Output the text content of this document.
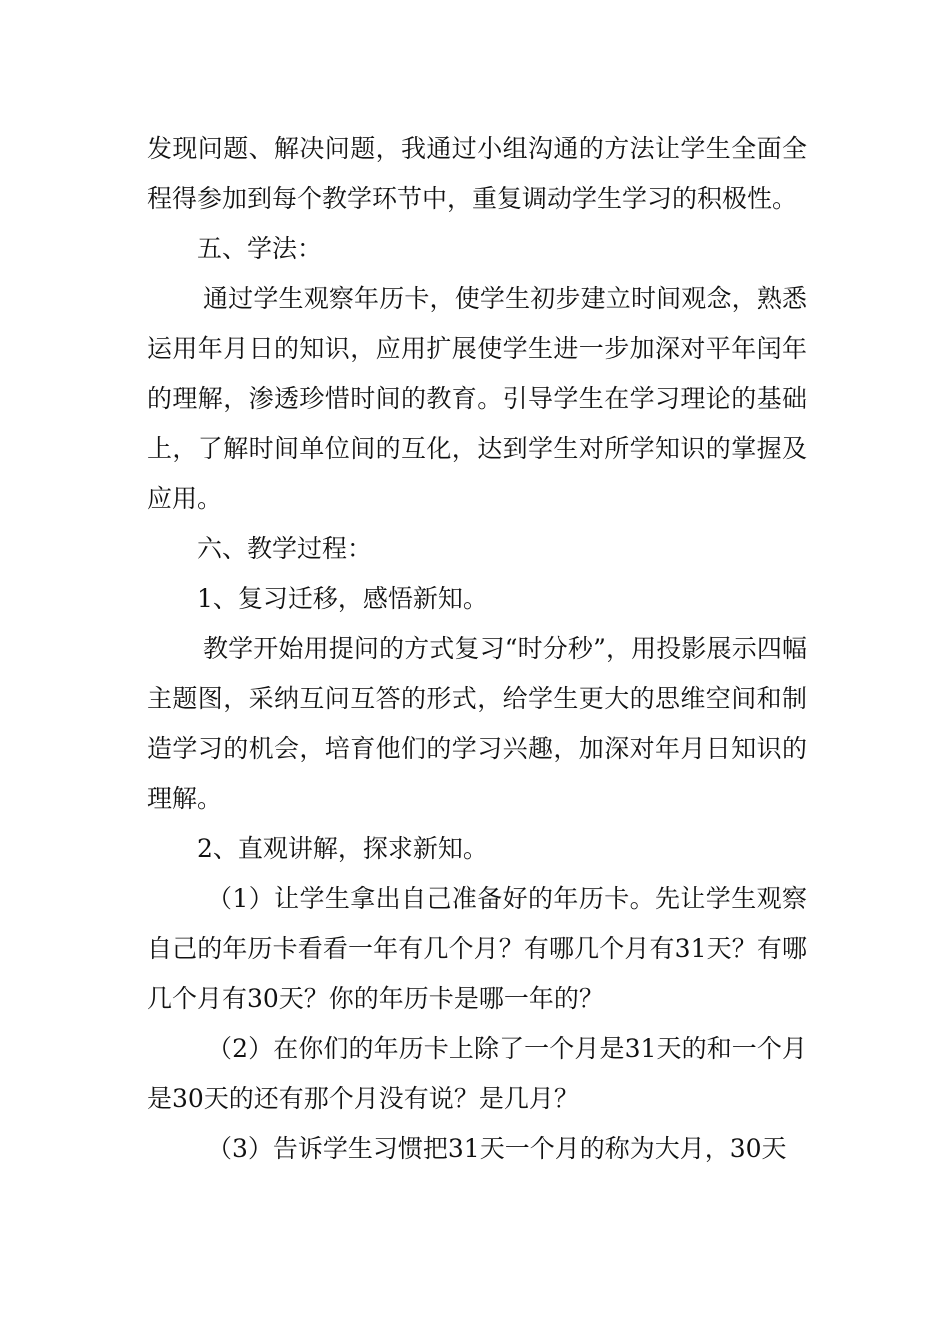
发现问题、解决问题，我通过小组沟通的方法让学生全面全程得参加到每个教学环节中，重复调动学生学习的积极性。

五、学法：

通过学生观察年历卡，使学生初步建立时间观念，熟悉运用年月日的知识，应用扩展使学生进一步加深对平年闰年的理解，渗透珍惜时间的教育。引导学生在学习理论的基础上，了解时间单位间的互化，达到学生对所学知识的掌握及应用。

六、教学过程：

1、复习迁移，感悟新知。

教学开始用提问的方式复习“时分秒”，用投影展示四幅主题图，采纳互问互答的形式，给学生更大的思维空间和制造学习的机会，培育他们的学习兴趣，加深对年月日知识的理解。

2、直观讲解，探求新知。

（1）让学生拿出自己准备好的年历卡。先让学生观察自己的年历卡看看一年有几个月？有哪几个月有31天？有哪几个月有30天？你的年历卡是哪一年的？

（2）在你们的年历卡上除了一个月是31天的和一个月是30天的还有那个月没有说？是几月？

（3）告诉学生习惯把31天一个月的称为大月，30天
